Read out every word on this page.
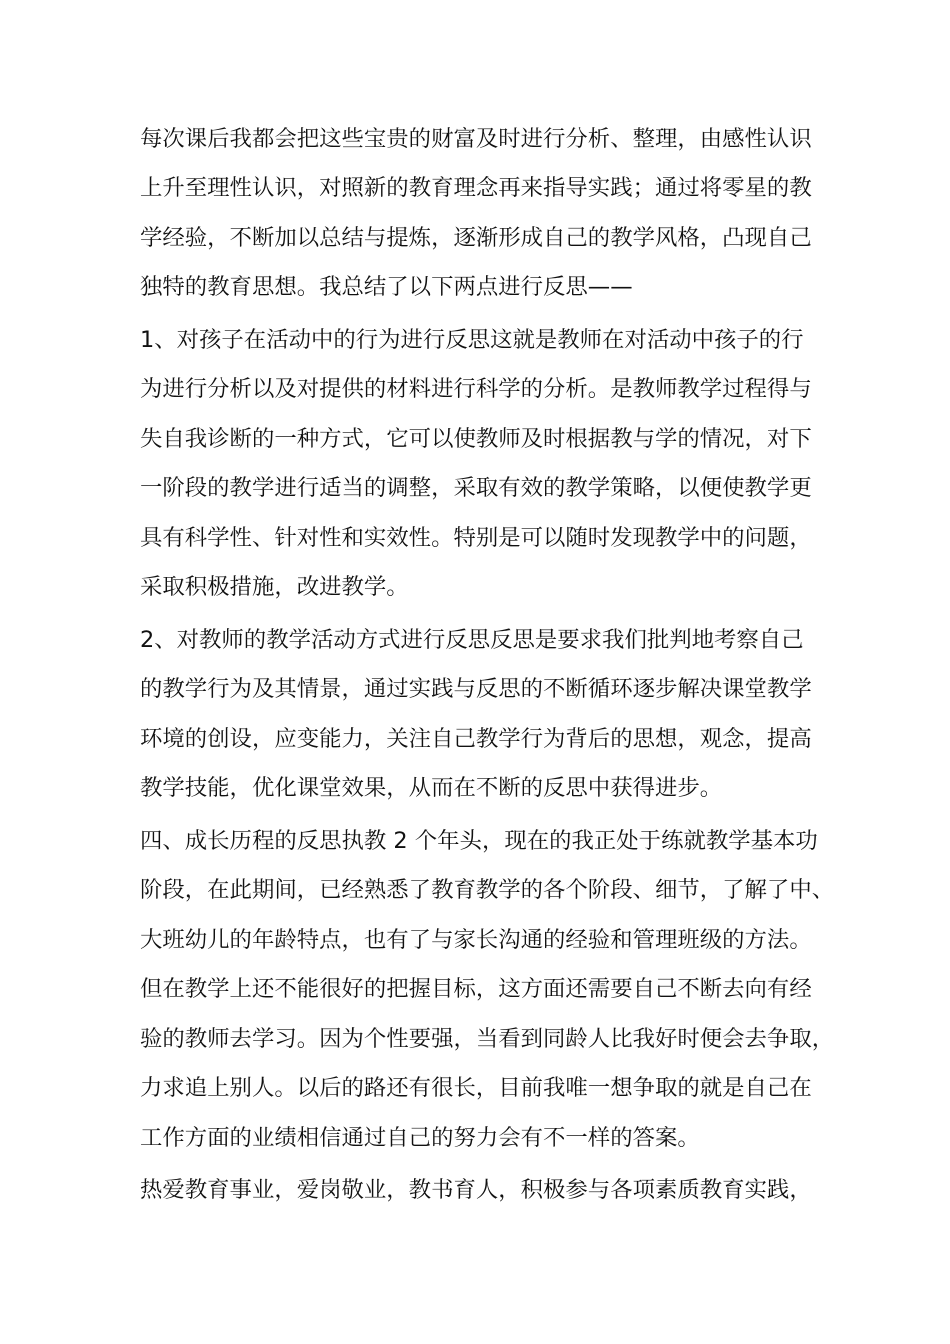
每次课后我都会把这些宝贵的财富及时进行分析、整理，由感性认识
上升至理性认识，对照新的教育理念再来指导实践；通过将零星的教
学经验，不断加以总结与提炼，逐渐形成自己的教学风格，凸现自己
独特的教育思想。我总结了以下两点进行反思——
1、对孩子在活动中的行为进行反思这就是教师在对活动中孩子的行
为进行分析以及对提供的材料进行科学的分析。是教师教学过程得与
失自我诊断的一种方式，它可以使教师及时根据教与学的情况，对下
一阶段的教学进行适当的调整，采取有效的教学策略，以便使教学更
具有科学性、针对性和实效性。特别是可以随时发现教学中的问题，
采取积极措施，改进教学。
2、对教师的教学活动方式进行反思反思是要求我们批判地考察自己
的教学行为及其情景，通过实践与反思的不断循环逐步解决课堂教学
环境的创设，应变能力，关注自己教学行为背后的思想，观念，提高
教学技能，优化课堂效果，从而在不断的反思中获得进步。
四、成长历程的反思执教 2 个年头，现在的我正处于练就教学基本功
阶段，在此期间，已经熟悉了教育教学的各个阶段、细节，了解了中、
大班幼儿的年龄特点，也有了与家长沟通的经验和管理班级的方法。
但在教学上还不能很好的把握目标，这方面还需要自己不断去向有经
验的教师去学习。因为个性要强，当看到同龄人比我好时便会去争取，
力求追上别人。以后的路还有很长，目前我唯一想争取的就是自己在
工作方面的业绩相信通过自己的努力会有不一样的答案。
热爱教育事业，爱岗敬业，教书育人，积极参与各项素质教育实践，
